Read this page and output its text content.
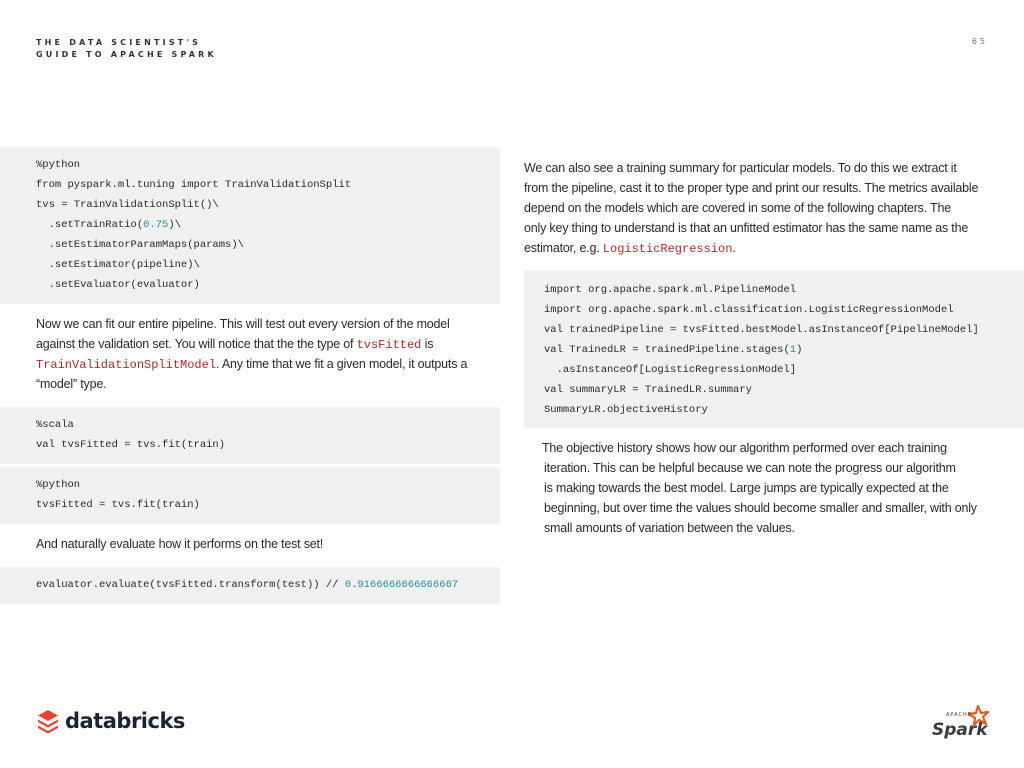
THE DATA SCIENTIST'S
GUIDE TO APACHE SPARK
65
%python
from pyspark.ml.tuning import TrainValidationSplit
tvs = TrainValidationSplit()\
.setTrainRatio(0.75)\
.setEstimatorParamMaps(params)\
.setEstimator(pipeline)\
.setEvaluator(evaluator)
Now we can fit our entire pipeline. This will test out every version of the model
against the validation set. You will notice that the the type of tvsFitted is
TrainValidationSplitModel. Any time that we fit a given model, it outputs a
“model” type.
%scala
val tvsFitted = tvs.fit(train)
%python
tvsFitted = tvs.fit(train)
And naturally evaluate how it performs on the test set!
evaluator.evaluate(tvsFitted.transform(test)) // 0.9166666666666667
We can also see a training summary for particular models. To do this we extract it
from the pipeline, cast it to the proper type and print our results. The metrics available
depend on the models which are covered in some of the following chapters. The
only key thing to understand is that an unfitted estimator has the same name as the
estimator, e.g. LogisticRegression.
import org.apache.spark.ml.PipelineModel
import org.apache.spark.ml.classification.LogisticRegressionModel
val trainedPipeline = tvsFitted.bestModel.asInstanceOf[PipelineModel]
val TrainedLR = trainedPipeline.stages(1)
.asInstanceOf[LogisticRegressionModel]
val summaryLR = TrainedLR.summary
SummaryLR.objectiveHistory
The objective history shows how our algorithm performed over each training
iteration. This can be helpful because we can note the progress our algorithm
is making towards the best model. Large jumps are typically expected at the
beginning, but over time the values should become smaller and smaller, with only
small amounts of variation between the values.
databricks	APACHE
Spark
